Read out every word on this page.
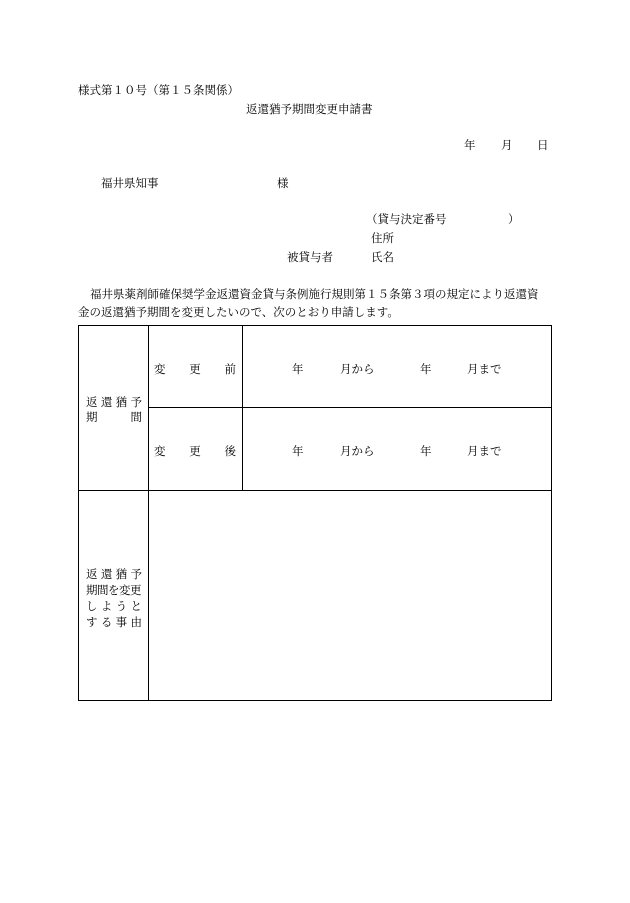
様式第１０号（第１５条関係）
返還猶予期間変更申請書
年 月 日
福井県知事	様
（貸与決定番号	）
住所
被貸与者	氏名
福井県薬剤師確保奨学金返還資金貸与条例施行規則第１５条第３項の規定により返還資
金の返還猶予期間を変更したいので、次のとおり申請します。
返 還 猶 予
期	間
変 更 前	年	月から	年	月まで
変 更 後	年	月から	年	月まで
返 還 猶 予
期間を変更
し よ う と
す る 事 由
